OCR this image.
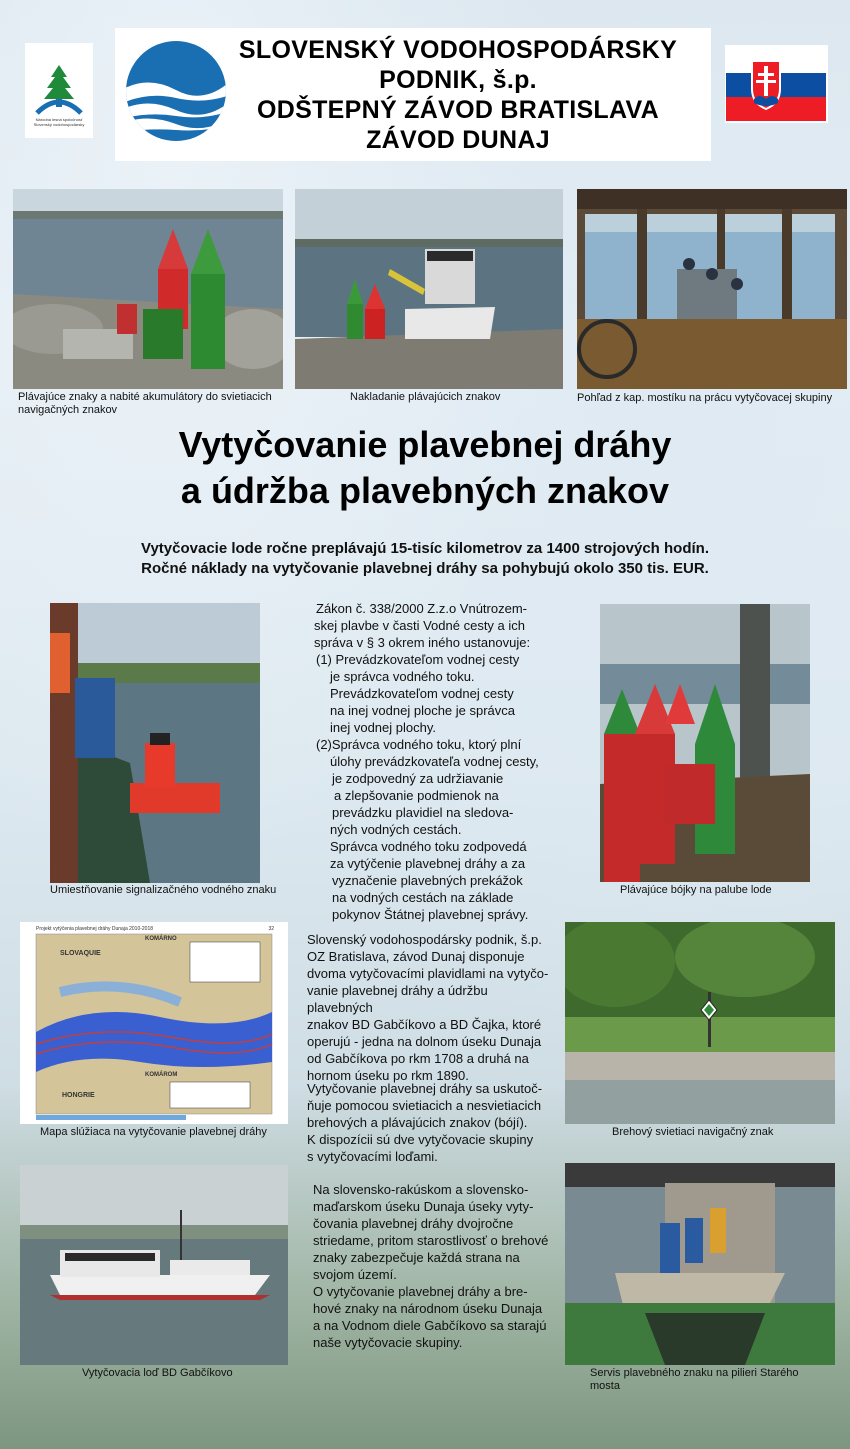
Národná lesná spoločnosť Slovenský vodohospodársky
SLOVENSKÝ VODOHOSPODÁRSKY
PODNIK, š.p.
ODŠTEPNÝ ZÁVOD BRATISLAVA
ZÁVOD DUNAJ
Plávajúce znaky a nabité akumulátory do svietiacich navigačných znakov
Nakladanie plávajúcich znakov	Pohľad z kap. mostíku na prácu vytyčovacej skupiny
Vytyčovanie plavebnej dráhy
a údržba plavebných znakov
Vytyčovacie lode ročne preplávajú 15-tisíc kilometrov za 1400 strojových hodín.
Ročné náklady na vytyčovanie plavebnej dráhy sa pohybujú okolo 350 tis. EUR.
Umiestňovanie signalizačného vodného znaku
Zákon č. 338/2000 Z.z.o Vnútrozem-
skej plavbe v časti Vodné cesty a ich
správa v § 3 okrem iného ustanovuje:
(1) Prevádzkovateľom vodnej cesty
je správca vodného toku.
Prevádzkovateľom vodnej cesty
na inej vodnej ploche je správca
inej vodnej plochy.
(2)Správca vodného toku, ktorý plní
úlohy prevádzkovateľa vodnej cesty,
je zodpovedný za udržiavanie
a zlepšovanie podmienok na
prevádzku plavidiel na sledova-
ných vodných cestách.
Správca vodného toku zodpovedá
za vytýčenie plavebnej dráhy a za
vyznačenie plavebných prekážok
na vodných cestách na základe
pokynov Štátnej plavebnej správy.
Plávajúce bójky na palube lode
Projekt vytýčenia plavebnej dráhy Dunaja 2010-2018	32
KOMÁRNO
SLOVAQUIE
HONGRIE
KOMÁROM
Mapa slúžiaca na vytyčovanie plavebnej dráhy
Slovenský vodohospodársky podnik, š.p.
OZ Bratislava, závod Dunaj disponuje
dvoma vytyčovacími plavidlami na vytyčo-
vanie plavebnej dráhy a údržbu plavebných
znakov BD Gabčíkovo a BD Čajka, ktoré
operujú - jedna na dolnom úseku Dunaja
od Gabčíkova po rkm 1708 a druhá na
hornom úseku po rkm 1890.
Vytyčovanie plavebnej dráhy sa uskutoč-
ňuje pomocou svietiacich a nesvietiacich
brehových a plávajúcich znakov (bójí).
K dispozícii sú dve vytyčovacie skupiny
s vytyčovacími loďami.
Brehový svietiaci navigačný znak
Vytyčovacia loď BD Gabčíkovo
Na slovensko-rakúskom a slovensko-
maďarskom úseku Dunaja úseky vyty-
čovania plavebnej dráhy dvojročne
striedame, pritom starostlivosť o brehové
znaky zabezpečuje každá strana na
svojom území.
O vytyčovanie plavebnej dráhy a bre-
hové znaky na národnom úseku Dunaja
a na Vodnom diele Gabčíkovo sa starajú
naše vytyčovacie skupiny.
Servis plavebného znaku na pilieri Starého mosta
